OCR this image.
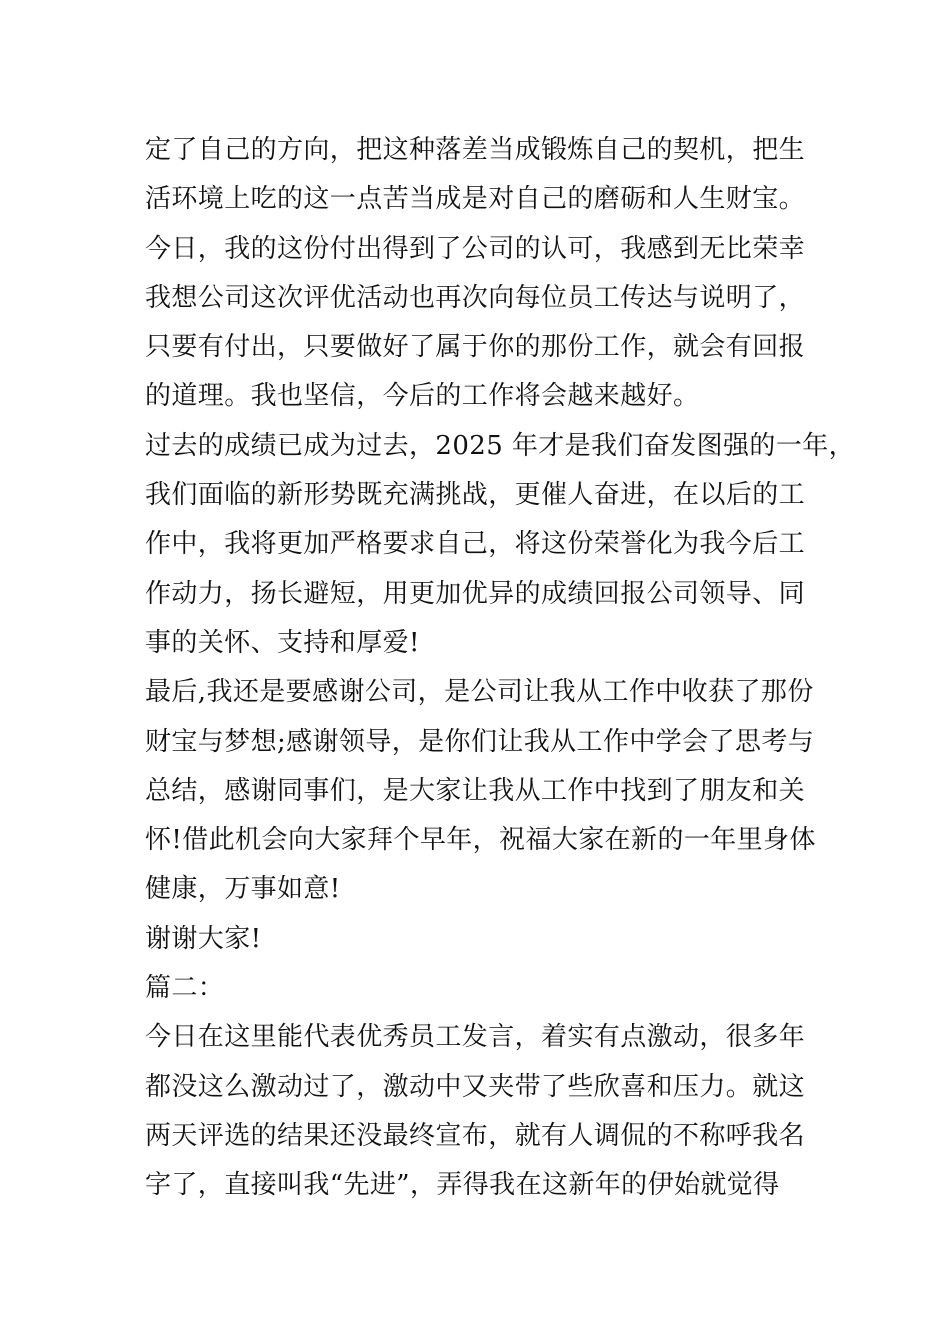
定了自己的方向，把这种落差当成锻炼自己的契机，把生
活环境上吃的这一点苦当成是对自己的磨砺和人生财宝。
今日，我的这份付出得到了公司的认可，我感到无比荣幸
我想公司这次评优活动也再次向每位员工传达与说明了，
只要有付出，只要做好了属于你的那份工作，就会有回报
的道理。我也坚信，今后的工作将会越来越好。
过去的成绩已成为过去，2025 年才是我们奋发图强的一年，
我们面临的新形势既充满挑战，更催人奋进，在以后的工
作中，我将更加严格要求自己，将这份荣誉化为我今后工
作动力，扬长避短，用更加优异的成绩回报公司领导、同
事的关怀、支持和厚爱!
最后,我还是要感谢公司，是公司让我从工作中收获了那份
财宝与梦想;感谢领导，是你们让我从工作中学会了思考与
总结，感谢同事们，是大家让我从工作中找到了朋友和关
怀!借此机会向大家拜个早年，祝福大家在新的一年里身体
健康，万事如意!
谢谢大家!
篇二：
今日在这里能代表优秀员工发言，着实有点激动，很多年
都没这么激动过了，激动中又夹带了些欣喜和压力。就这
两天评选的结果还没最终宣布，就有人调侃的不称呼我名
字了，直接叫我“先进”，弄得我在这新年的伊始就觉得
